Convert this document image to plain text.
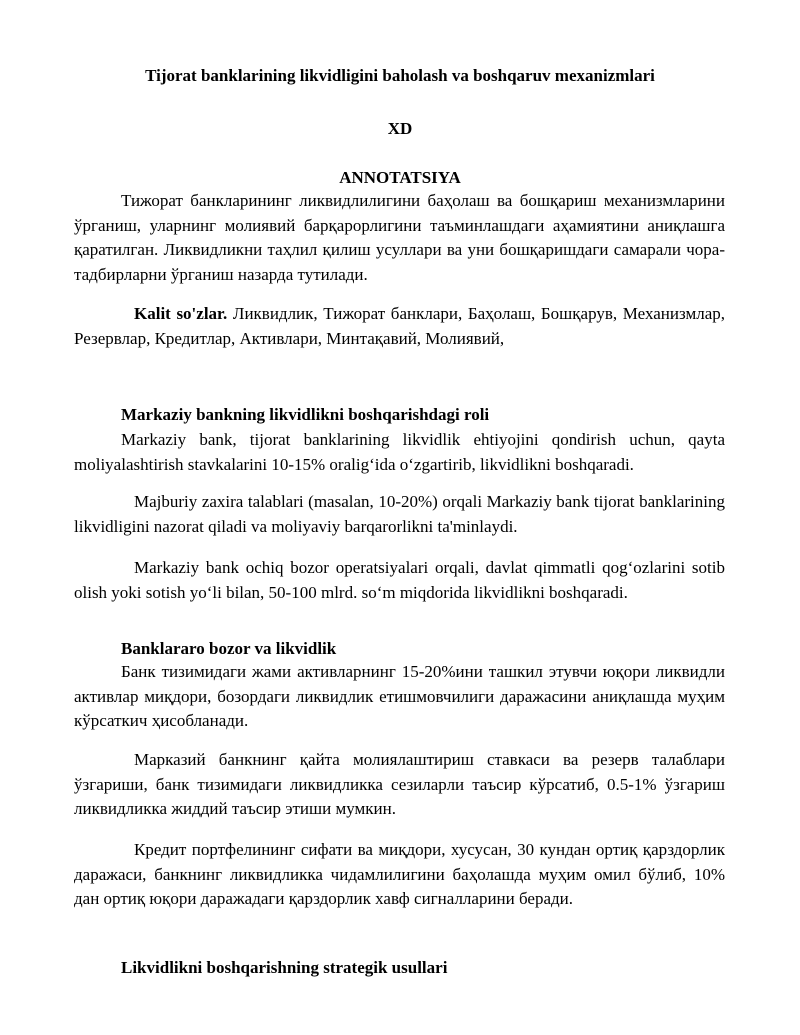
Tijorat banklarining likvidligini baholash va boshqaruv mexanizmlari
XD
ANNOTATSIYA
Тижорат банкларининг ликвидлилигини баҳолаш ва бошқариш механизмларини ўрганиш, уларнинг молиявий барқарорлигини таъминлашдаги аҳамиятини аниқлашга қаратилган. Ликвидликни таҳлил қилиш усуллари ва уни бошқаришдаги самарали чора-тадбирларни ўрганиш назарда тутилади.
Kalit so'zlar. Ликвидлик, Тижорат банклари, Баҳолаш, Бошқарув, Механизмлар, Резервлар, Кредитлар, Активлари, Минтақавий, Молиявий,
Markaziy bankning likvidlikni boshqarishdagi roli
Markaziy bank, tijorat banklarining likvidlik ehtiyojini qondirish uchun, qayta moliyalashtirish stavkalarini 10-15% oralig‘ida o‘zgartirib, likvidlikni boshqaradi.
Majburiy zaxira talablari (masalan, 10-20%) orqali Markaziy bank tijorat banklarining likvidligini nazorat qiladi va moliyaviy barqarorlikni ta'minlaydi.
Markaziy bank ochiq bozor operatsiyalari orqali, davlat qimmatli qog‘ozlarini sotib olish yoki sotish yo‘li bilan, 50-100 mlrd. so‘m miqdorida likvidlikni boshqaradi.
Banklararo bozor va likvidlik
Банк тизимидаги жами активларнинг 15-20%ини ташкил этувчи юқори ликвидли активлар миқдори, бозордаги ликвидлик етишмовчилиги даражасини аниқлашда муҳим кўрсаткич ҳисобланади.
Марказий банкнинг қайта молиялаштириш ставкаси ва резерв талаблари ўзгариши, банк тизимидаги ликвидликка сезиларли таъсир кўрсатиб, 0.5-1% ўзгариш ликвидликка жиддий таъсир этиши мумкин.
Кредит портфелининг сифати ва миқдори, хусусан, 30 кундан ортиқ қарздорлик даражаси, банкнинг ликвидликка чидамлилигини баҳолашда муҳим омил бўлиб, 10% дан ортиқ юқори даражадаги қарздорлик хавф сигналларини беради.
Likvidlikni boshqarishning strategik usullari
